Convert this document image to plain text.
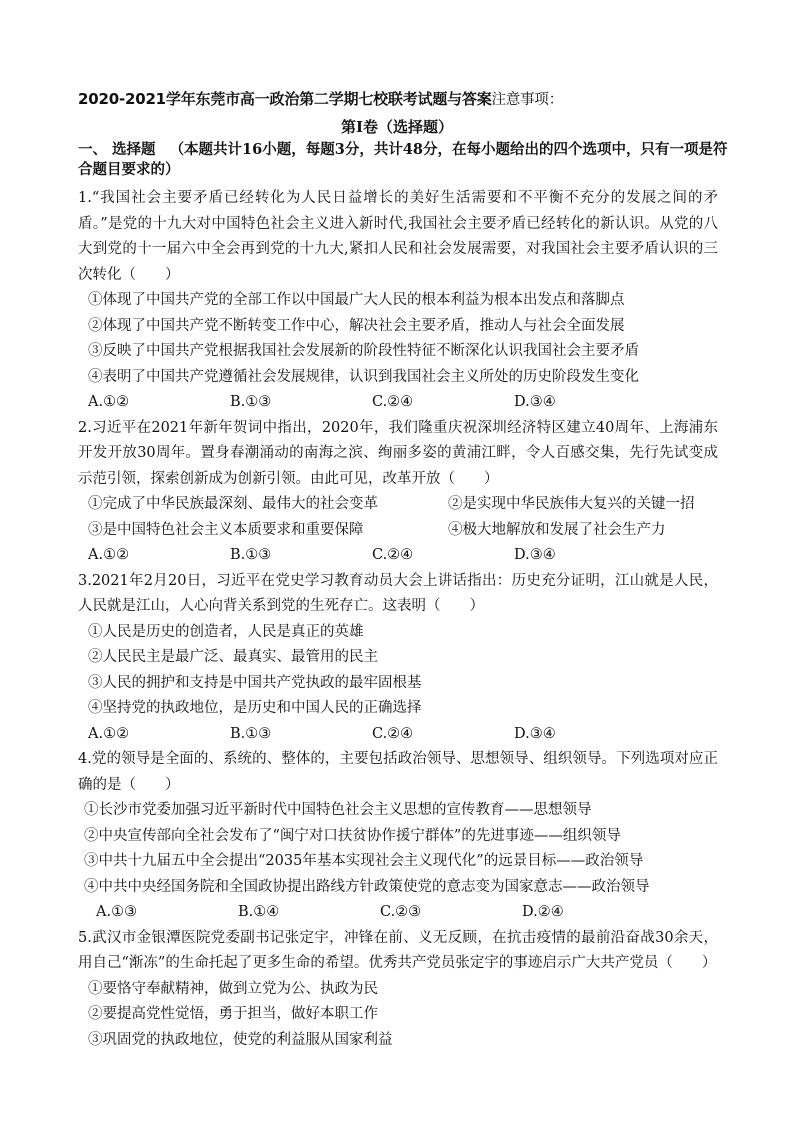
2020-2021学年东莞市高一政治第二学期七校联考试题与答案注意事项：
第Ⅰ卷（选择题）
一、 选择题 （本题共计16小题，每题3分，共计48分，在每小题给出的四个选项中，只有一项是符合题目要求的）

1.“我国社会主要矛盾已经转化为人民日益增长的美好生活需要和不平衡不充分的发展之间的矛盾。”是党的十九大对中国特色社会主义进入新时代,我国社会主要矛盾已经转化的新认识。从党的八大到党的十一届六中全会再到党的十九大,紧扣人民和社会发展需要，对我国社会主要矛盾认识的三次转化（　　）

①体现了中国共产党的全部工作以中国最广大人民的根本利益为根本出发点和落脚点

②体现了中国共产党不断转变工作中心，解决社会主要矛盾，推动人与社会全面发展

③反映了中国共产党根据我国社会发展新的阶段性特征不断深化认识我国社会主要矛盾

④表明了中国共产党遵循社会发展规律，认识到我国社会主义所处的历史阶段发生变化

A.①②	B.①③	C.②④	D.③④

2.习近平在2021年新年贺词中指出，2020年，我们隆重庆祝深圳经济特区建立40周年、上海浦东开发开放30周年。置身春潮涌动的南海之滨、绚丽多姿的黄浦江畔，令人百感交集，先行先试变成示范引领，探索创新成为创新引领。由此可见，改革开放（　　）

①完成了中华民族最深刻、最伟大的社会变革	②是实现中华民族伟大复兴的关键一招
③是中国特色社会主义本质要求和重要保障	④极大地解放和发展了社会生产力
A.①②	B.①③	C.②④	D.③④

3.2021年2月20日，习近平在党史学习教育动员大会上讲话指出：历史充分证明，江山就是人民，人民就是江山，人心向背关系到党的生死存亡。这表明（　　）

①人民是历史的创造者，人民是真正的英雄

②人民民主是最广泛、最真实、最管用的民主

③人民的拥护和支持是中国共产党执政的最牢固根基

④坚持党的执政地位，是历史和中国人民的正确选择

A.①②	B.①③	C.②④	D.③④

4.党的领导是全面的、系统的、整体的，主要包括政治领导、思想领导、组织领导。下列选项对应正确的是（　　）

①长沙市党委加强习近平新时代中国特色社会主义思想的宣传教育——思想领导

②中央宣传部向全社会发布了“闽宁对口扶贫协作援宁群体”的先进事迹——组织领导

③中共十九届五中全会提出“2035年基本实现社会主义现代化”的远景目标——政治领导

④中共中央经国务院和全国政协提出路线方针政策使党的意志变为国家意志——政治领导

A.①③	B.①④	C.②③	D.②④

5.武汉市金银潭医院党委副书记张定宇，冲锋在前、义无反顾，在抗击疫情的最前沿奋战30余天，用自己“渐冻”的生命托起了更多生命的希望。优秀共产党员张定宇的事迹启示广大共产党员（　　）

①要恪守奉献精神，做到立党为公、执政为民

②要提高党性觉悟，勇于担当，做好本职工作

③巩固党的执政地位，使党的利益服从国家利益
